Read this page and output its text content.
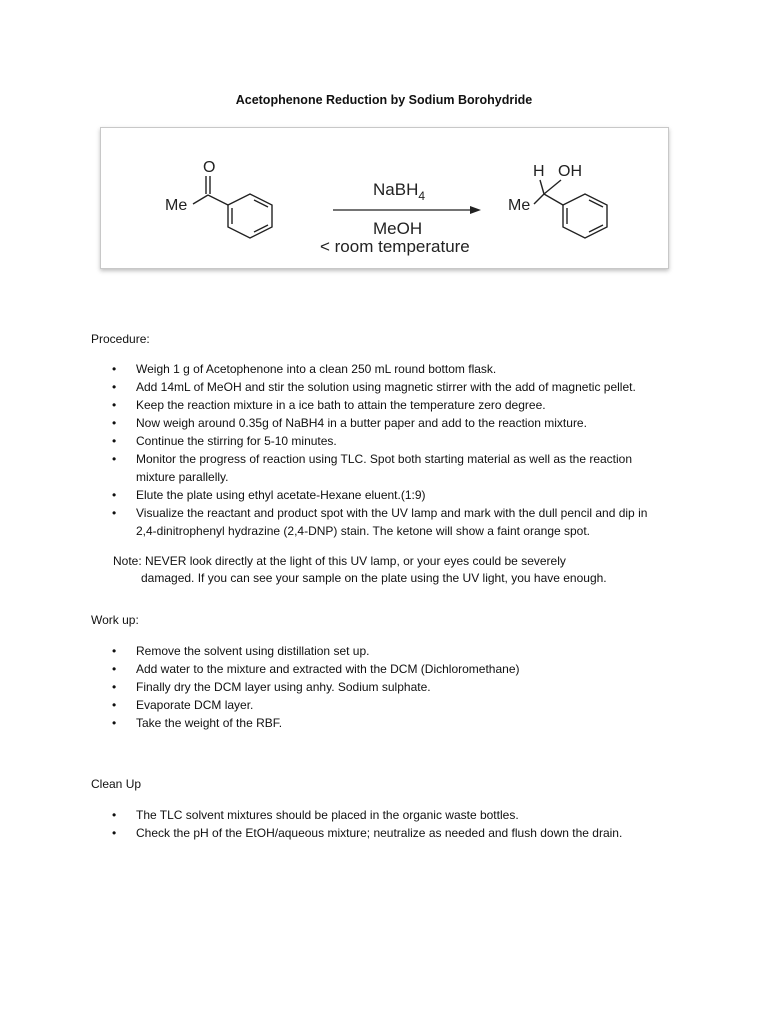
Acetophenone Reduction by Sodium Borohydride
O
Me
NaBH$_4$
MeOH
< room temperature
H OH
Me
Procedure:
• Weigh 1 g of Acetophenone into a clean 250 mL round bottom flask.
• Add 14mL of MeOH and stir the solution using magnetic stirrer with the add of magnetic pellet.
• Keep the reaction mixture in a ice bath to attain the temperature zero degree.
• Now weigh around 0.35g of NaBH4 in a butter paper and add to the reaction mixture.
• Continue the stirring for 5-10 minutes.
• Monitor the progress of reaction using TLC. Spot both starting material as well as the reaction
mixture parallelly.
• Elute the plate using ethyl acetate-Hexane eluent.(1:9)
• Visualize the reactant and product spot with the UV lamp and mark with the dull pencil and dip in
2,4-dinitrophenyl hydrazine (2,4-DNP) stain. The ketone will show a faint orange spot.
Note: NEVER look directly at the light of this UV lamp, or your eyes could be severely
damaged. If you can see your sample on the plate using the UV light, you have enough.
Work up:
• Remove the solvent using distillation set up.
• Add water to the mixture and extracted with the DCM (Dichloromethane)
• Finally dry the DCM layer using anhy. Sodium sulphate.
• Evaporate DCM layer.
• Take the weight of the RBF.
Clean Up
• The TLC solvent mixtures should be placed in the organic waste bottles.
• Check the pH of the EtOH/aqueous mixture; neutralize as needed and flush down the drain.
